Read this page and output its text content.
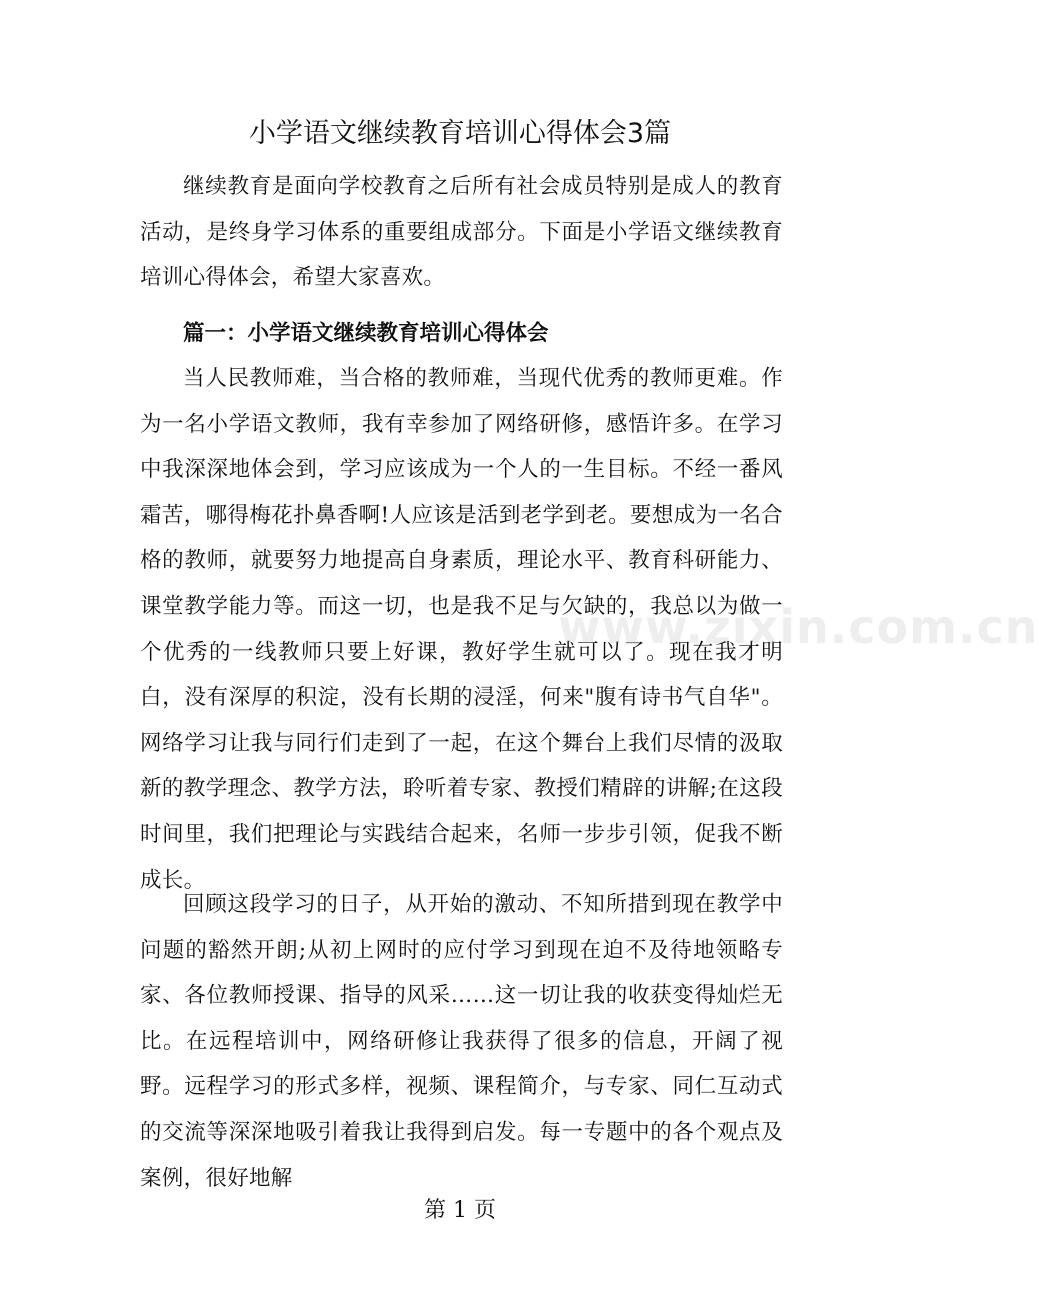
小学语文继续教育培训心得体会3篇

继续教育是面向学校教育之后所有社会成员特别是成人的教育活动，是终身学习体系的重要组成部分。下面是小学语文继续教育培训心得体会，希望大家喜欢。

篇一：小学语文继续教育培训心得体会

当人民教师难，当合格的教师难，当现代优秀的教师更难。作为一名小学语文教师，我有幸参加了网络研修，感悟许多。在学习中我深深地体会到，学习应该成为一个人的一生目标。不经一番风霜苦，哪得梅花扑鼻香啊!人应该是活到老学到老。要想成为一名合格的教师，就要努力地提高自身素质，理论水平、教育科研能力、课堂教学能力等。而这一切，也是我不足与欠缺的，我总以为做一个优秀的一线教师只要上好课，教好学生就可以了。现在我才明白，没有深厚的积淀，没有长期的浸淫，何来"腹有诗书气自华"。网络学习让我与同行们走到了一起，在这个舞台上我们尽情的汲取新的教学理念、教学方法，聆听着专家、教授们精辟的讲解;在这段时间里，我们把理论与实践结合起来，名师一步步引领，促我不断成长。

回顾这段学习的日子，从开始的激动、不知所措到现在教学中问题的豁然开朗;从初上网时的应付学习到现在迫不及待地领略专家、各位教师授课、指导的风采……这一切让我的收获变得灿烂无比。在远程培训中，网络研修让我获得了很多的信息，开阔了视野。远程学习的形式多样，视频、课程简介，与专家、同仁互动式的交流等深深地吸引着我让我得到启发。每一专题中的各个观点及案例，很好地解

www.zixin.com.cn
第 1 页
